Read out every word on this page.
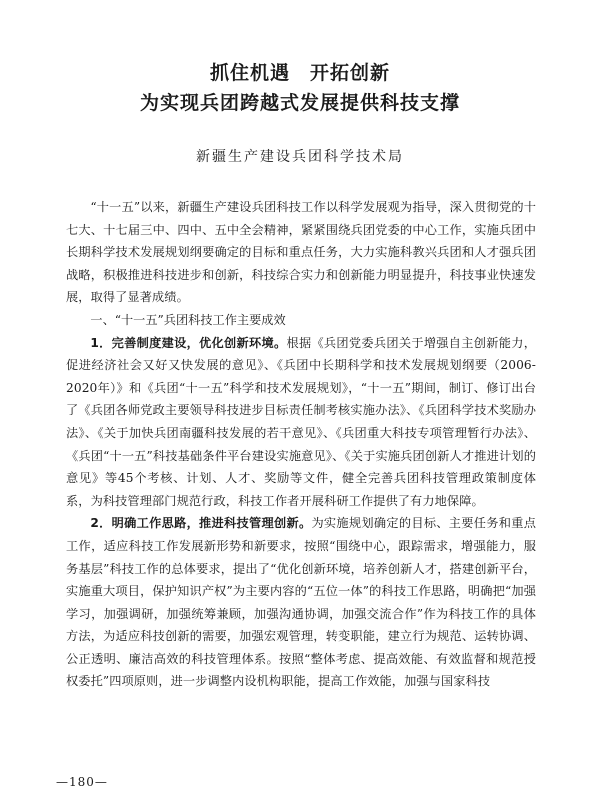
抓住机遇　开拓创新
为实现兵团跨越式发展提供科技支撑

新疆生产建设兵团科学技术局

“十一五”以来，新疆生产建设兵团科技工作以科学发展观为指导，深入贯彻党的十七大、十七届三中、四中、五中全会精神，紧紧围绕兵团党委的中心工作，实施兵团中长期科学技术发展规划纲要确定的目标和重点任务，大力实施科教兴兵团和人才强兵团战略，积极推进科技进步和创新，科技综合实力和创新能力明显提升，科技事业快速发展，取得了显著成绩。

一、“十一五”兵团科技工作主要成效

1．完善制度建设，优化创新环境。根据《兵团党委兵团关于增强自主创新能力，促进经济社会又好又快发展的意见》、《兵团中长期科学和技术发展规划纲要（2006-2020年）》和《兵团“十一五”科学和技术发展规划》，“十一五”期间，制订、修订出台了《兵团各师党政主要领导科技进步目标责任制考核实施办法》、《兵团科学技术奖励办法》、《关于加快兵团南疆科技发展的若干意见》、《兵团重大科技专项管理暂行办法》、《兵团“十一五”科技基础条件平台建设实施意见》、《关于实施兵团创新人才推进计划的意见》等45个考核、计划、人才、奖励等文件，健全完善兵团科技管理政策制度体系，为科技管理部门规范行政，科技工作者开展科研工作提供了有力地保障。

2．明确工作思路，推进科技管理创新。为实施规划确定的目标、主要任务和重点工作，适应科技工作发展新形势和新要求，按照“围绕中心，跟踪需求，增强能力，服务基层”科技工作的总体要求，提出了“优化创新环境，培养创新人才，搭建创新平台，实施重大项目，保护知识产权”为主要内容的“五位一体”的科技工作思路，明确把“加强学习，加强调研，加强统筹兼顾，加强沟通协调，加强交流合作”作为科技工作的具体方法，为适应科技创新的需要，加强宏观管理，转变职能，建立行为规范、运转协调、公正透明、廉洁高效的科技管理体系。按照“整体考虑、提高效能、有效监督和规范授权委托”四项原则，进一步调整内设机构职能，提高工作效能，加强与国家科技

—180—
